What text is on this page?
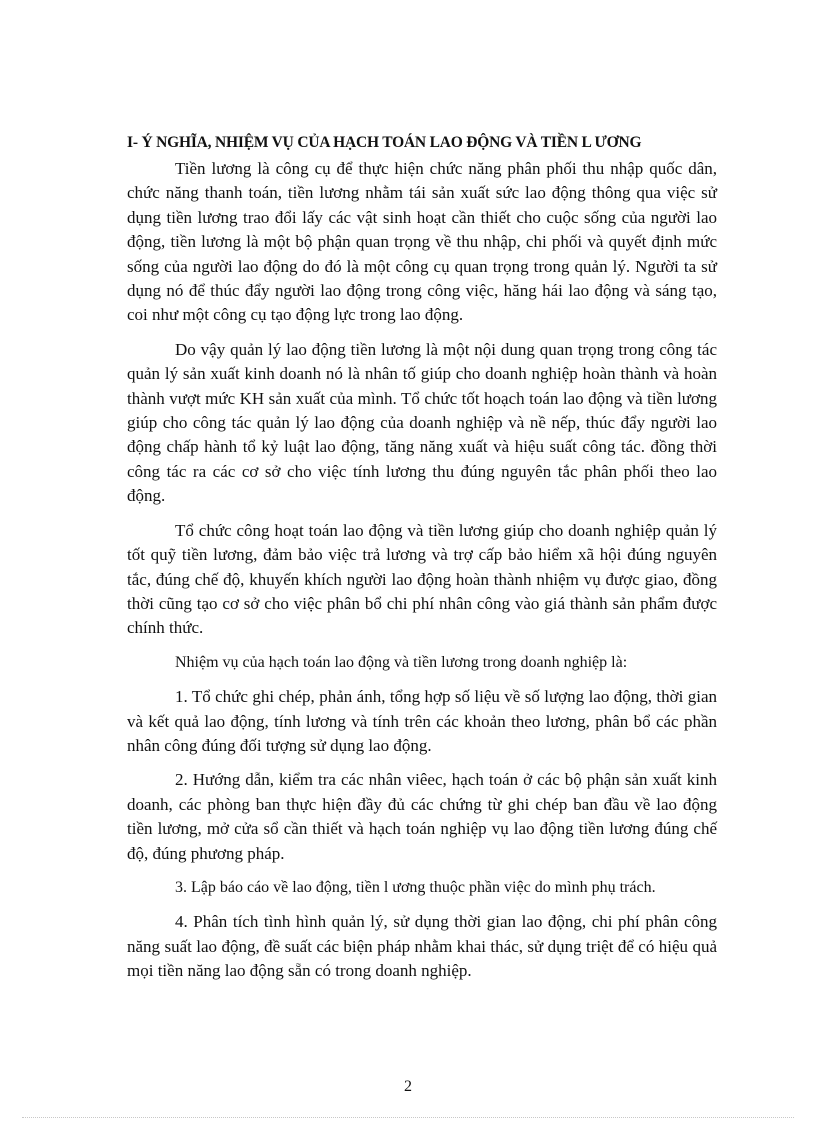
I- Ý NGHĨA, NHIỆM VỤ CỦA HẠCH TOÁN LAO ĐỘNG VÀ TIỀN L ƯƠNG

Tiền lương là công cụ để thực hiện chức năng phân phối thu nhập quốc dân, chức năng thanh toán, tiền lương nhằm tái sản xuất sức lao động thông qua việc sử dụng tiền lương trao đổi lấy các vật sinh hoạt cần thiết cho cuộc sống của người lao động, tiền lương là một bộ phận quan trọng về thu nhập, chi phối và quyết định mức sống của người lao động do đó là một công cụ quan trọng trong quản lý. Người ta sử dụng nó để thúc đẩy người lao động trong công việc, hăng hái lao động và sáng tạo, coi như một công cụ tạo động lực trong lao động.

Do vậy quản lý lao động tiền lương là một nội dung quan trọng trong công tác quản lý sản xuất kinh doanh nó là nhân tố giúp cho doanh nghiệp hoàn thành và hoàn thành vượt mức KH sản xuất của mình. Tổ chức tốt hoạch toán lao động và tiền lương giúp cho công tác quản lý lao động của doanh nghiệp và nề nếp, thúc đẩy người lao động chấp hành tổ kỷ luật lao động, tăng năng xuất và hiệu suất công tác. đồng thời công tác ra các cơ sở cho việc tính lương thu đúng nguyên tắc phân phối theo lao động.

Tổ chức công hoạt toán lao động và tiền lương giúp cho doanh nghiệp quản lý tốt quỹ tiền lương, đảm bảo việc trả lương và trợ cấp bảo hiểm xã hội đúng nguyên tắc, đúng chế độ, khuyến khích người lao động hoàn thành nhiệm vụ được giao, đồng thời cũng tạo cơ sở cho việc phân bổ chi phí nhân công vào giá thành sản phẩm được chính thức.

Nhiệm vụ của hạch toán lao động và tiền lương trong doanh nghiệp là:

1. Tổ chức ghi chép, phản ánh, tổng hợp số liệu về số lượng lao động, thời gian và kết quả lao động, tính lương và tính trên các khoản theo lương, phân bổ các phần nhân công đúng đối tượng sử dụng lao động.

2. Hướng dẫn, kiểm tra các nhân viêec, hạch toán ở các bộ phận sản xuất kinh doanh, các phòng ban thực hiện đầy đủ các chứng từ ghi chép ban đầu về lao động tiền lương, mở cửa sổ cần thiết và hạch toán nghiệp vụ lao động tiền lương đúng chế độ, đúng phương pháp.

3. Lập báo cáo về lao động, tiền l ương thuộc phần việc do mình phụ trách.

4. Phân tích tình hình quản lý, sử dụng thời gian lao động, chi phí phân công năng suất lao động, đề suất các biện pháp nhằm khai thác, sử dụng triệt để có hiệu quả mọi tiền năng lao động sẵn có trong doanh nghiệp.

2
